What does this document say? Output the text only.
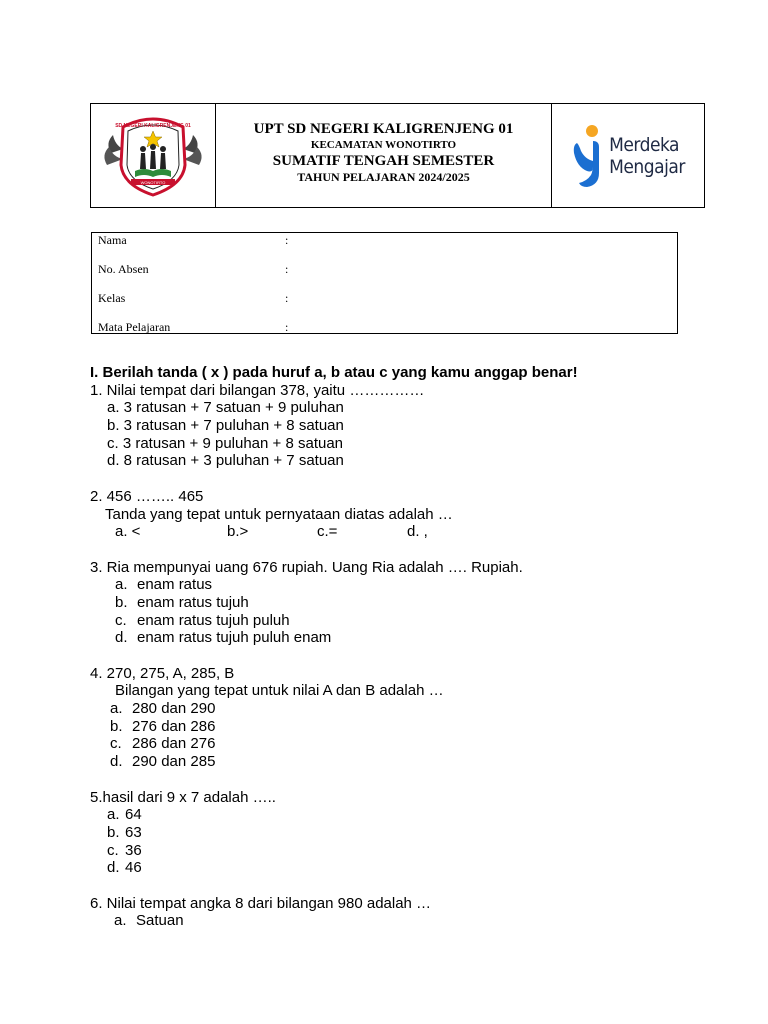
WONOTIRTO
SD NEGERI KALIGRENJENG 01	UPT SD NEGERI KALIGRENJENG 01
KECAMATAN WONOTIRTO
SUMATIF TENGAH SEMESTER
TAHUN PELAJARAN 2024/2025
Merdeka
Mengajar
Nama	:
No. Absen	:
Kelas	:
Mata Pelajaran	:
I. Berilah tanda ( x ) pada huruf a, b atau c yang kamu anggap benar!
1. Nilai tempat dari bilangan 378, yaitu ……………
a. 3 ratusan + 7 satuan + 9 puluhan
b. 3 ratusan + 7 puluhan + 8 satuan
c. 3 ratusan + 9 puluhan + 8 satuan
d. 8 ratusan + 3 puluhan + 7 satuan
2. 456 …….. 465
Tanda yang tepat untuk pernyataan diatas adalah …
a. <	b.>	c.=	d. ,
3. Ria mempunyai uang 676 rupiah. Uang Ria adalah …. Rupiah.
a. enam ratus
b. enam ratus tujuh
c. enam ratus tujuh puluh
d. enam ratus tujuh puluh enam
4. 270, 275, A, 285, B
Bilangan yang tepat untuk nilai A dan B adalah …
a. 280 dan 290
b. 276 dan 286
c. 286 dan 276
d. 290 dan 285
5.hasil dari 9 x 7 adalah …..
a. 64
b. 63
c. 36
d. 46
6. Nilai tempat angka 8 dari bilangan 980 adalah …
a. Satuan
